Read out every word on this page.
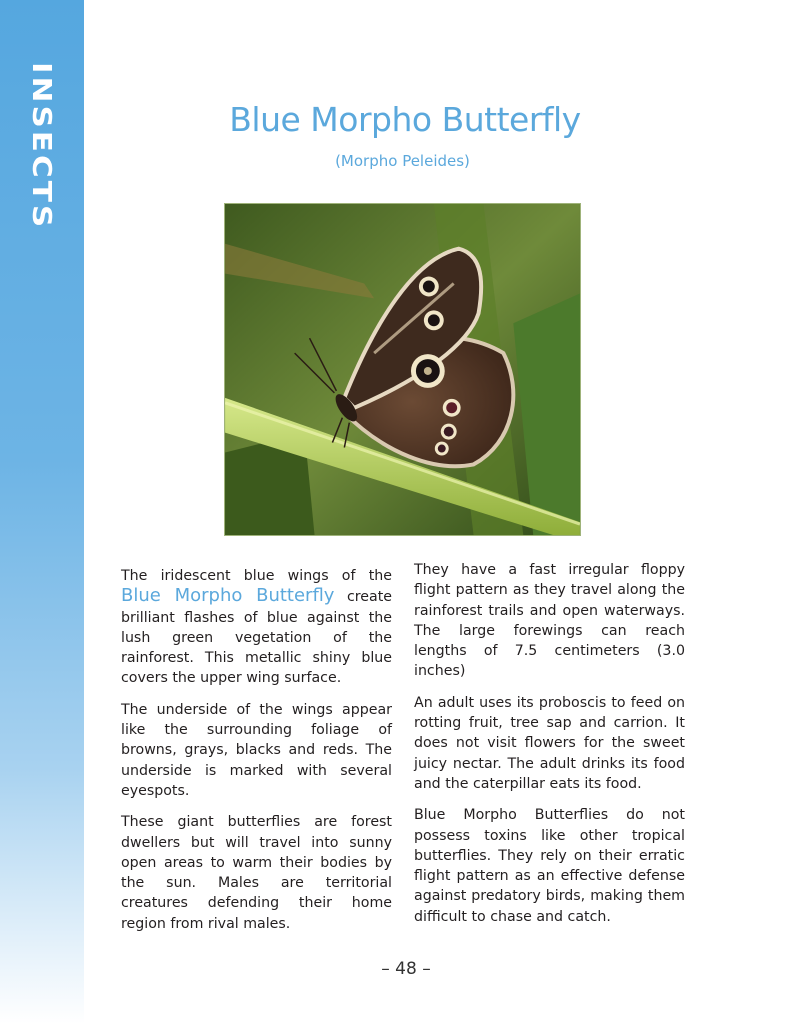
INSECTS	Blue Morpho Butterfly
(Morpho Peleides)

The iridescent blue wings of the Blue Morpho Butterfly create brilliant flashes of blue against the lush green vegetation of the rainforest. This metallic shiny blue covers the upper wing surface.

The underside of the wings appear like the surrounding foliage of browns, grays, blacks and reds. The underside is marked with several eyespots.

These giant butterflies are forest dwellers but will travel into sunny open areas to warm their bodies by the sun. Males are territorial creatures defending their home region from rival males.

They have a fast irregular floppy flight pattern as they travel along the rainforest trails and open waterways. The large forewings can reach lengths of 7.5 centimeters (3.0 inches)

An adult uses its proboscis to feed on rotting fruit, tree sap and carrion. It does not visit flowers for the sweet juicy nectar. The adult drinks its food and the caterpillar eats its food.

Blue Morpho Butterflies do not possess toxins like other tropical butterflies. They rely on their erratic flight pattern as an effective defense against predatory birds, making them difficult to chase and catch.

– 48 –
